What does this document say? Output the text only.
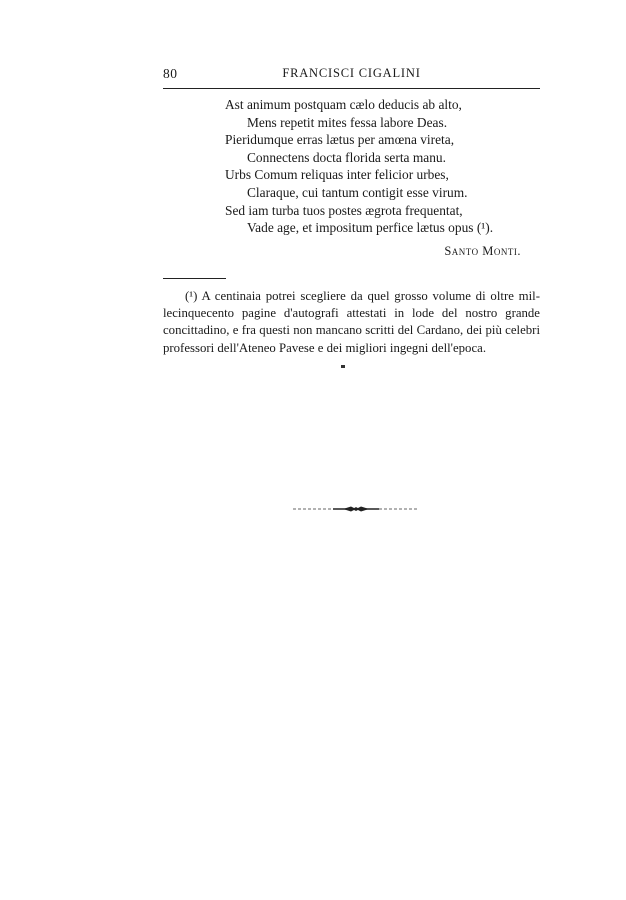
80	FRANCISCI CIGALINI
Ast animum postquam cælo deducis ab alto,
Mens repetit mites fessa labore Deas.
Pieridumque erras lætus per amœna vireta,
Connectens docta florida serta manu.
Urbs Comum reliquas inter felicior urbes,
Claraque, cui tantum contigit esse virum.
Sed iam turba tuos postes ægrota frequentat,
Vade age, et impositum perfice lætus opus (¹).
Santo Monti.
(¹) A centinaia potrei scegliere da quel grosso volume di oltre mil-
lecinquecento pagine d'autografi attestati in lode del nostro grande
concittadino, e fra questi non mancano scritti del Cardano, dei più celebri
professori dell'Ateneo Pavese e dei migliori ingegni dell'epoca.
